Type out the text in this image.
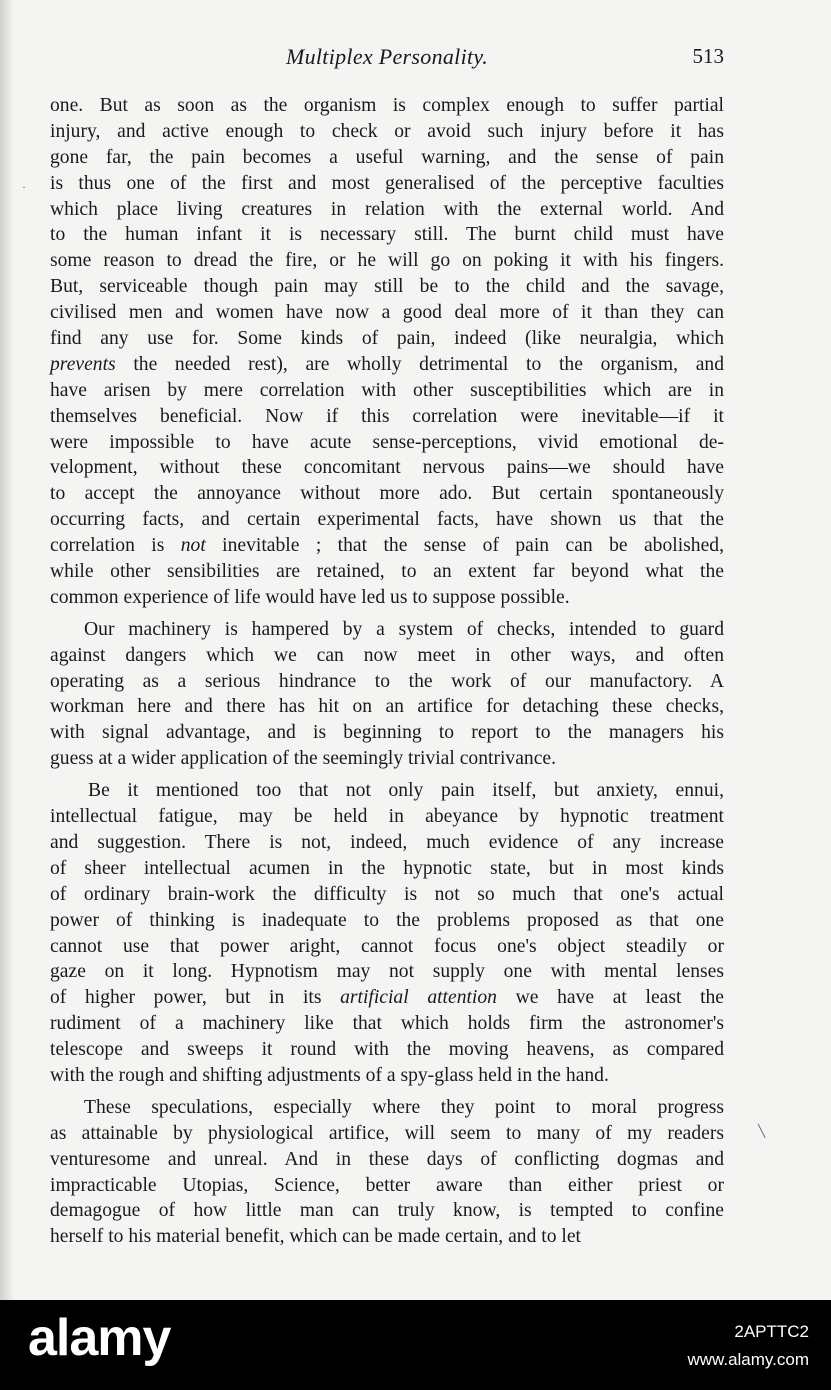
Multiplex Personality.	513
one. But as soon as the organism is complex enough to suffer partial
injury, and active enough to check or avoid such injury before it has
gone far, the pain becomes a useful warning, and the sense of pain
is thus one of the first and most generalised of the perceptive faculties
which place living creatures in relation with the external world. And
to the human infant it is necessary still. The burnt child must have
some reason to dread the fire, or he will go on poking it with his fingers.
But, serviceable though pain may still be to the child and the savage,
civilised men and women have now a good deal more of it than they can
find any use for. Some kinds of pain, indeed (like neuralgia, which
prevents the needed rest), are wholly detrimental to the organism, and
have arisen by mere correlation with other susceptibilities which are in
themselves beneficial. Now if this correlation were inevitable—if it
were impossible to have acute sense-perceptions, vivid emotional de-
velopment, without these concomitant nervous pains—we should have
to accept the annoyance without more ado. But certain spontaneously
occurring facts, and certain experimental facts, have shown us that the
correlation is not inevitable ; that the sense of pain can be abolished,
while other sensibilities are retained, to an extent far beyond what the
common experience of life would have led us to suppose possible.
Our machinery is hampered by a system of checks, intended to guard
against dangers which we can now meet in other ways, and often
operating as a serious hindrance to the work of our manufactory. A
workman here and there has hit on an artifice for detaching these checks,
with signal advantage, and is beginning to report to the managers his
guess at a wider application of the seemingly trivial contrivance.
Be it mentioned too that not only pain itself, but anxiety, ennui,
intellectual fatigue, may be held in abeyance by hypnotic treatment
and suggestion. There is not, indeed, much evidence of any increase
of sheer intellectual acumen in the hypnotic state, but in most kinds
of ordinary brain-work the difficulty is not so much that one's actual
power of thinking is inadequate to the problems proposed as that one
cannot use that power aright, cannot focus one's object steadily or
gaze on it long. Hypnotism may not supply one with mental lenses
of higher power, but in its artificial attention we have at least the
rudiment of a machinery like that which holds firm the astronomer's
telescope and sweeps it round with the moving heavens, as compared
with the rough and shifting adjustments of a spy-glass held in the hand.
These speculations, especially where they point to moral progress
as attainable by physiological artifice, will seem to many of my readers
venturesome and unreal. And in these days of conflicting dogmas and
impracticable Utopias, Science, better aware than either priest or
demagogue of how little man can truly know, is tempted to confine
herself to his material benefit, which can be made certain, and to let
·
╲
alamy	2APTTC2
www.alamy.com
